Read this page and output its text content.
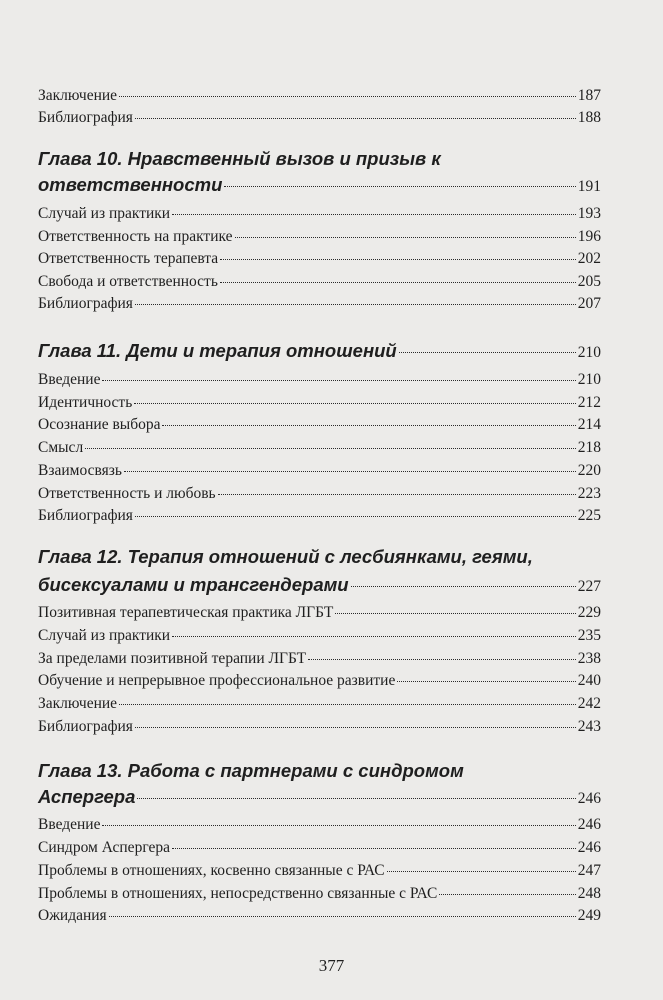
Заключение	187
Библиография	188
Глава 10. Нравственный вызов и призыв к
ответственности	191
Случай из практики	193
Ответственность на практике	196
Ответственность терапевта	202
Свобода и ответственность	205
Библиография	207
Глава 11. Дети и терапия отношений	210
Введение	210
Идентичность	212
Осознание выбора	214
Смысл	218
Взаимосвязь	220
Ответственность и любовь	223
Библиография	225
Глава 12. Терапия отношений с лесбиянками, геями,
бисексуалами и трансгендерами	227
Позитивная терапевтическая практика ЛГБТ	229
Случай из практики	235
За пределами позитивной терапии ЛГБТ	238
Обучение и непрерывное профессиональное развитие	240
Заключение	242
Библиография	243
Глава 13. Работа с партнерами с синдромом
Аспергера	246
Введение	246
Синдром Аспергера	246
Проблемы в отношениях, косвенно связанные с РАС	247
Проблемы в отношениях, непосредственно связанные с РАС	248
Ожидания	249
377
